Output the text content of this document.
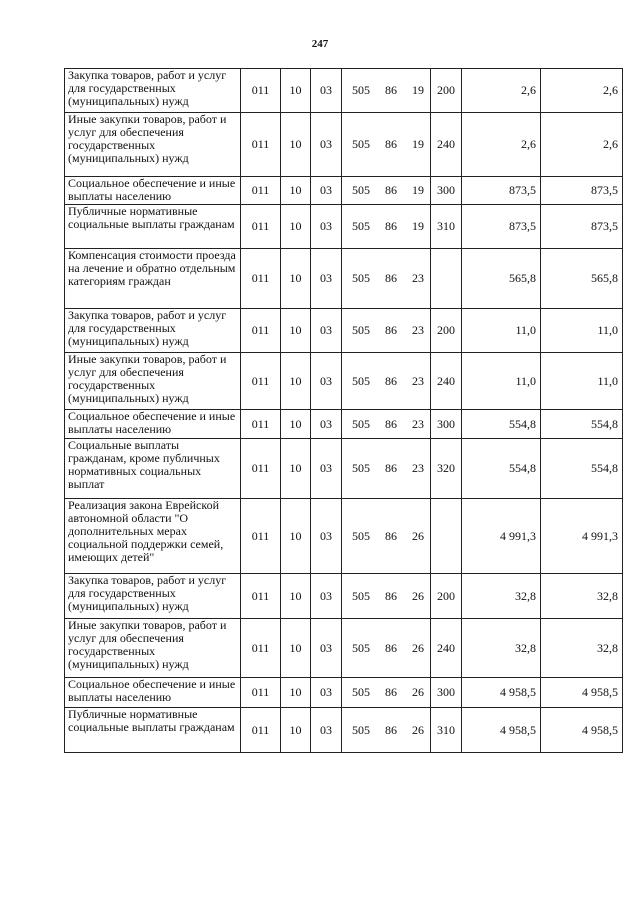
247
Закупка товаров, работ и услуг для государственных (муниципальных) нужд	011	10	03	505 86 19	200	2,6	2,6
Иные закупки товаров, работ и услуг для обеспечения государственных (муниципальных) нужд	011	10	03	505 86 19	240	2,6	2,6
Социальное обеспечение и иные выплаты населению	011	10	03	505 86 19	300	873,5	873,5
Публичные нормативные социальные выплаты гражданам	011	10	03	505 86 19	310	873,5	873,5
Компенсация стоимости проезда на лечение и обратно отдельным категориям граждан	011	10	03	505 86 23		565,8	565,8
Закупка товаров, работ и услуг для государственных (муниципальных) нужд	011	10	03	505 86 23	200	11,0	11,0
Иные закупки товаров, работ и услуг для обеспечения государственных (муниципальных) нужд	011	10	03	505 86 23	240	11,0	11,0
Социальное обеспечение и иные выплаты населению	011	10	03	505 86 23	300	554,8	554,8
Социальные выплаты гражданам, кроме публичных нормативных социальных выплат	011	10	03	505 86 23	320	554,8	554,8
Реализация закона Еврейской автономной области "О дополнительных мерах социальной поддержки семей, имеющих детей"	011	10	03	505 86 26		4 991,3	4 991,3
Закупка товаров, работ и услуг для государственных (муниципальных) нужд	011	10	03	505 86 26	200	32,8	32,8
Иные закупки товаров, работ и услуг для обеспечения государственных (муниципальных) нужд	011	10	03	505 86 26	240	32,8	32,8
Социальное обеспечение и иные выплаты населению	011	10	03	505 86 26	300	4 958,5	4 958,5
Публичные нормативные социальные выплаты гражданам	011	10	03	505 86 26	310	4 958,5	4 958,5
